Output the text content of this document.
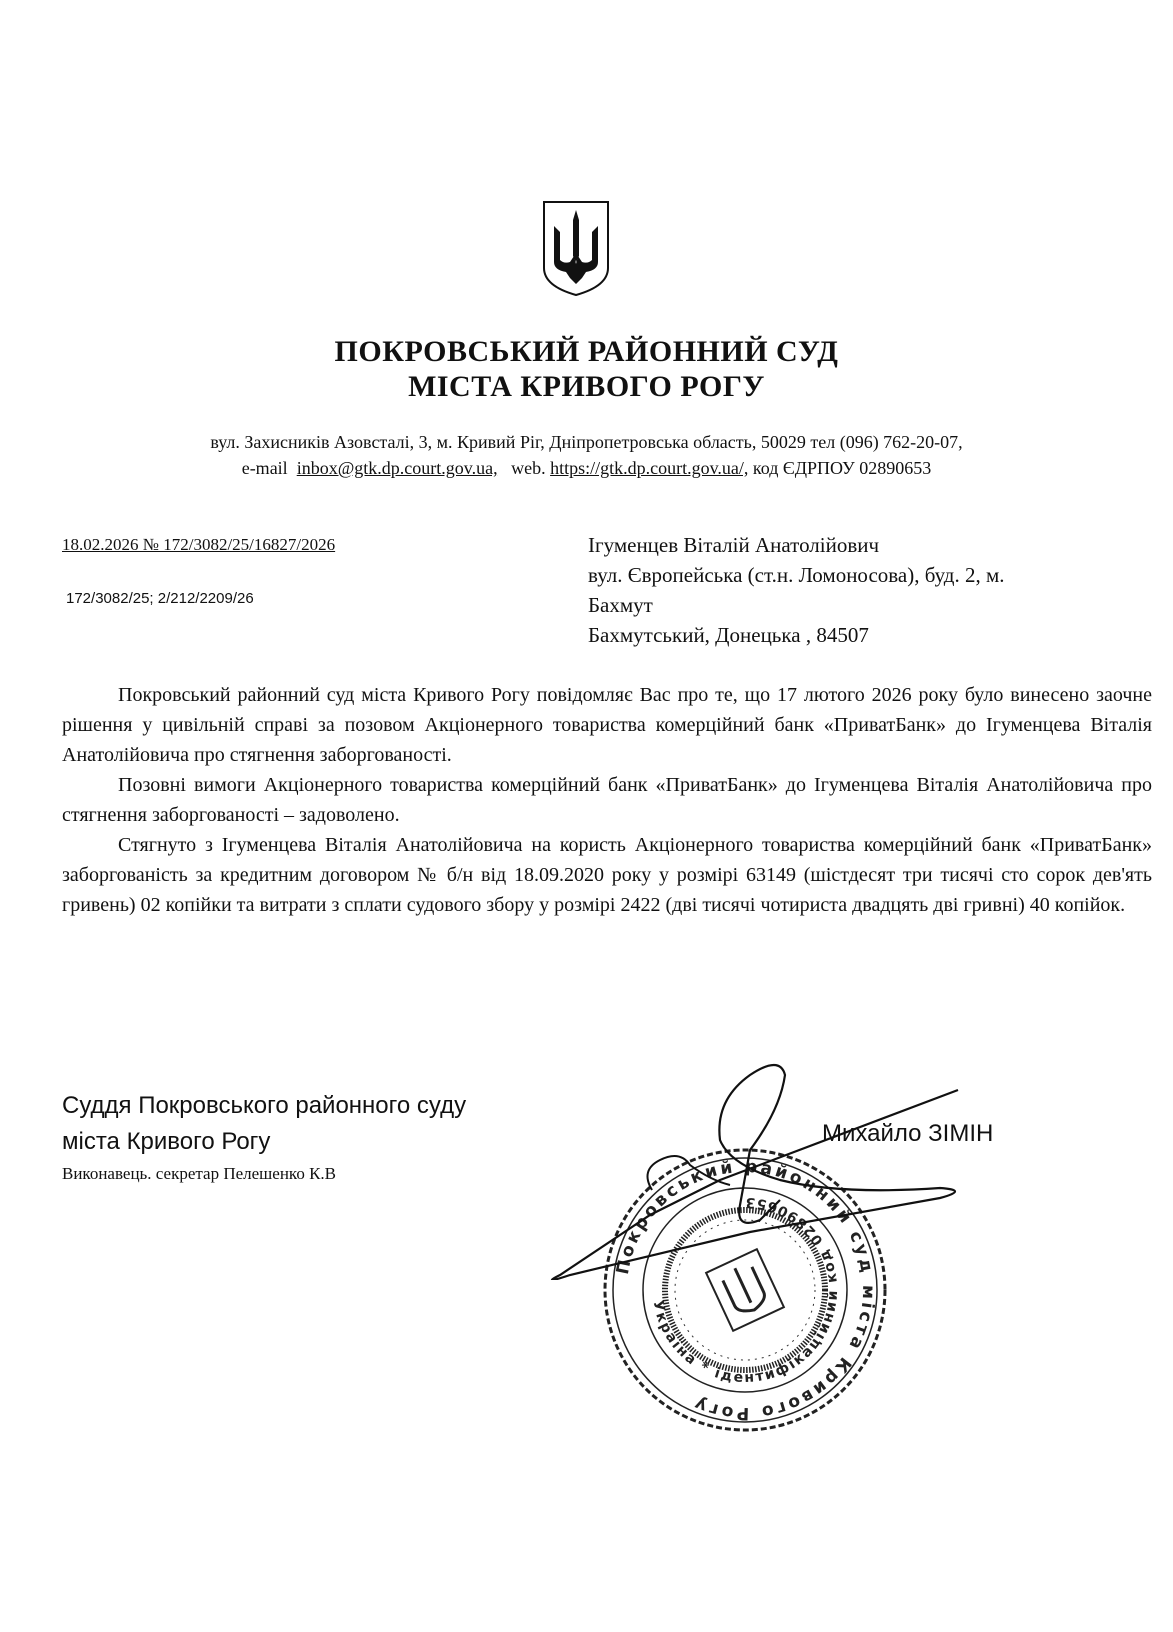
ПОКРОВСЬКИЙ РАЙОННИЙ СУД
МІСТА КРИВОГО РОГУ
вул. Захисників Азовсталі, 3, м. Кривий Ріг, Дніпропетровська область, 50029 тел (096) 762-20-07,
e-mail inbox@gtk.dp.court.gov.ua, web. https://gtk.dp.court.gov.ua/, код ЄДРПОУ 02890653
18.02.2026 № 172/3082/25/16827/2026
172/3082/25; 2/212/2209/26
Ігуменцев Віталій Анатолійович
вул. Європейська (ст.н. Ломоносова), буд. 2, м.
Бахмут
Бахмутський, Донецька , 84507

Покровський районний суд міста Кривого Рогу повідомляє Вас про те, що 17 лютого 2026 року було винесено заочне рішення у цивільній справі за позовом Акціонерного товариства комерційний банк «ПриватБанк» до Ігуменцева Віталія Анатолійовича про стягнення заборгованості.

Позовні вимоги Акціонерного товариства комерційний банк «ПриватБанк» до Ігуменцева Віталія Анатолійовича про стягнення заборгованості – задоволено.

Стягнуто з Ігуменцева Віталія Анатолійовича на користь Акціонерного товариства комерційний банк «ПриватБанк» заборгованість за кредитним договором № б/н від 18.09.2020 року у розмірі 63149 (шістдесят три тисячі сто сорок дев'ять гривень) 02 копійки та витрати з сплати судового збору у розмірі 2422 (дві тисячі чотириста двадцять дві гривні) 40 копійок.

Суддя Покровського районного суду
міста Кривого Рогу
Виконавець. секретар Пелешенко К.В
Михайло ЗІМІН
Покровський районний суд міста Кривого Рогу
Україна * ідентифікаційний код 02890653
